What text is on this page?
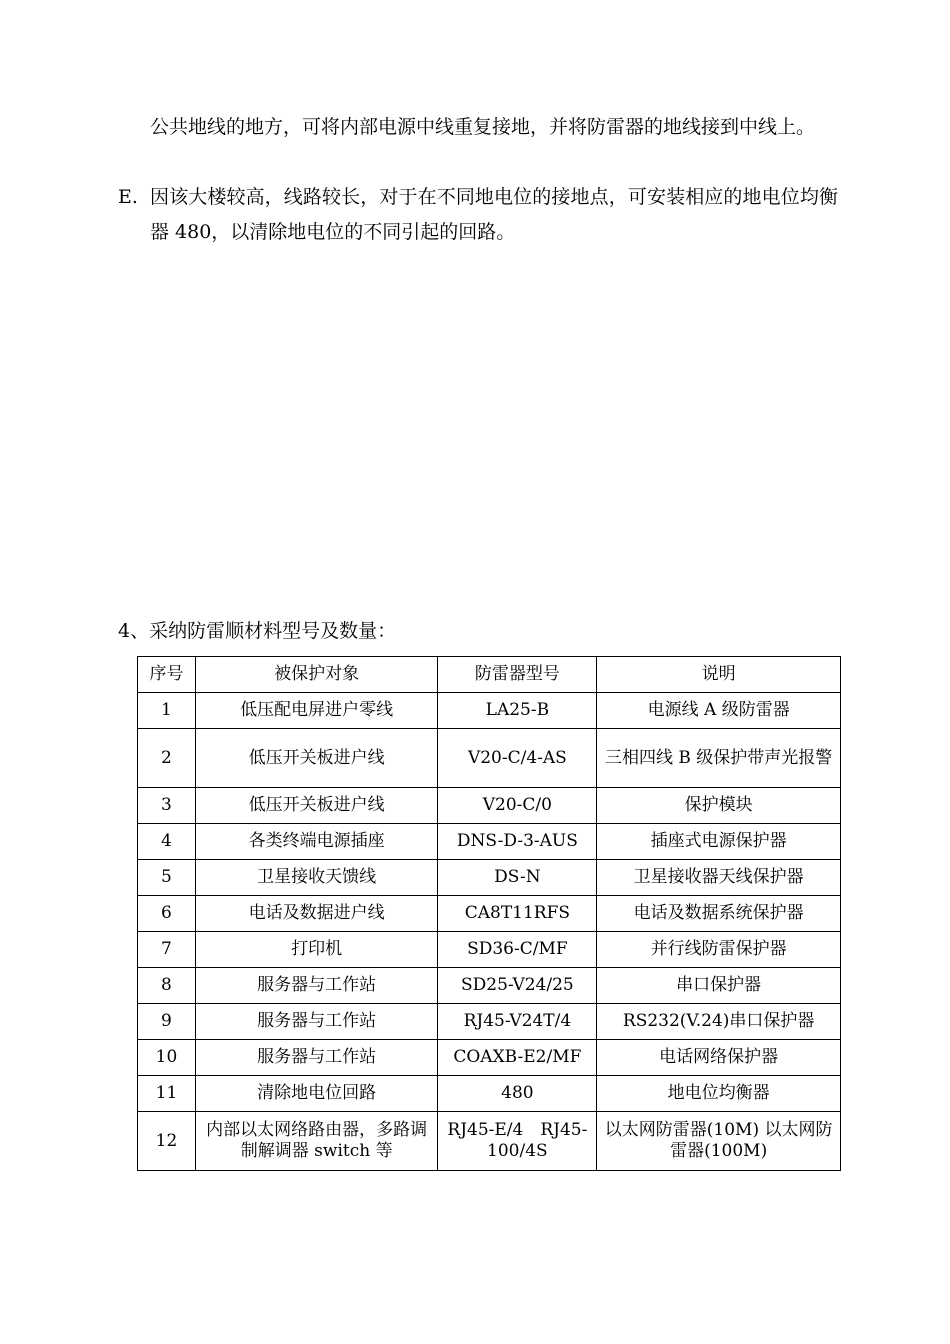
公共地线的地方，可将内部电源中线重复接地，并将防雷器的地线接到中线上。
E. 因该大楼较高，线路较长，对于在不同地电位的接地点，可安装相应的地电位均衡器 480，以清除地电位的不同引起的回路。
4、采纳防雷顺材料型号及数量：
序号	被保护对象	防雷器型号	说明
1	低压配电屏进户零线	LA25-B	电源线 A 级防雷器
2	低压开关板进户线	V20-C/4-AS	三相四线 B 级保护带声光报警
3	低压开关板进户线	V20-C/0	保护模块
4	各类终端电源插座	DNS-D-3-AUS	插座式电源保护器
5	卫星接收天馈线	DS-N	卫星接收器天线保护器
6	电话及数据进户线	CA8T11RFS	电话及数据系统保护器
7	打印机	SD36-C/MF	并行线防雷保护器
8	服务器与工作站	SD25-V24/25	串口保护器
9	服务器与工作站	RJ45-V24T/4	RS232(V.24)串口保护器
10	服务器与工作站	COAXB-E2/MF	电话网络保护器
11	清除地电位回路	480	地电位均衡器
12	内部以太网络路由器，多路调制解调器 switch 等	RJ45-E/4　RJ45-100/4S	以太网防雷器(10M) 以太网防雷器(100M)
